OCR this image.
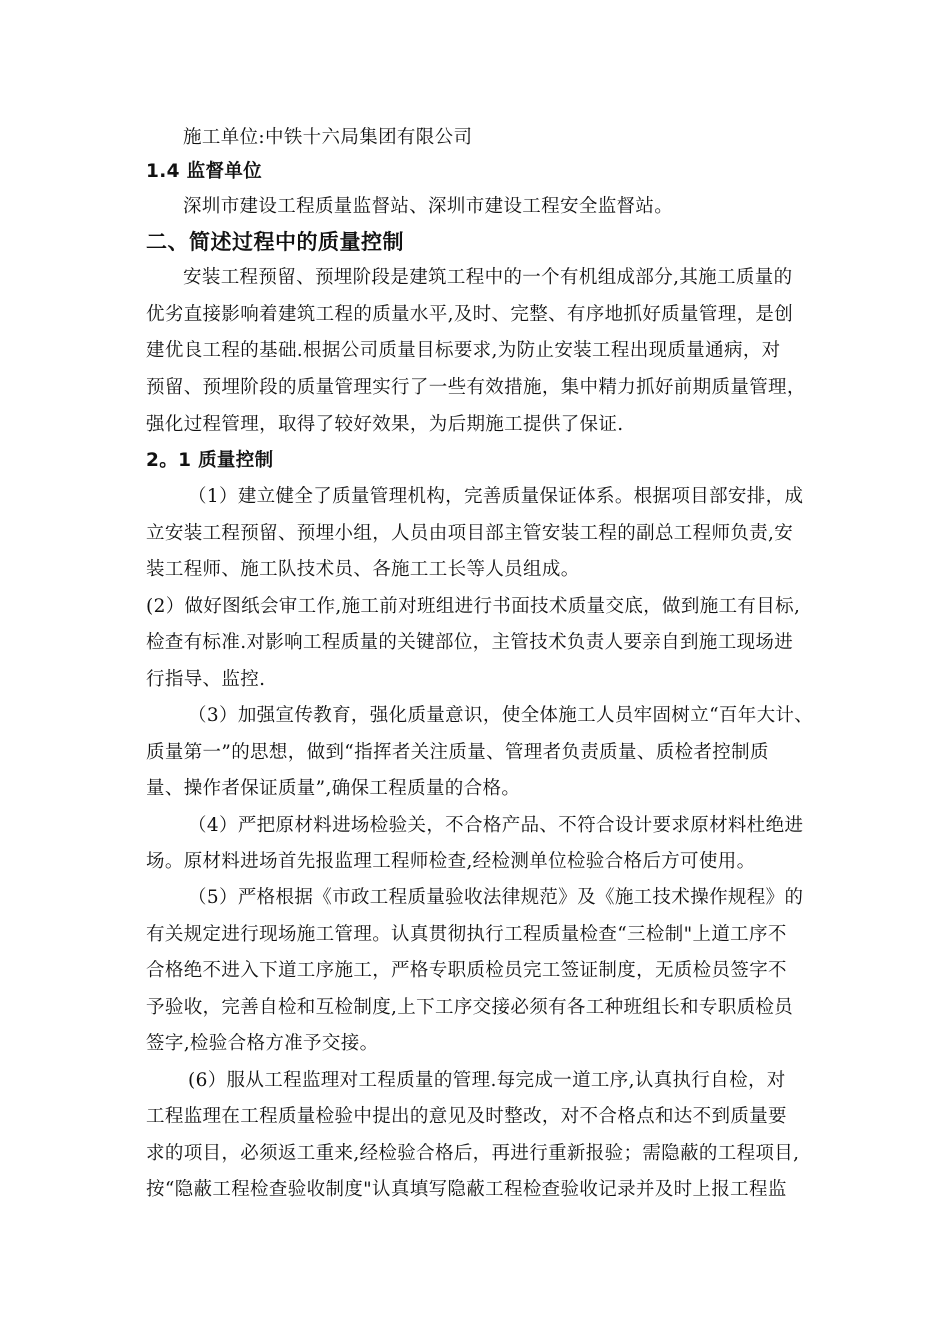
施工单位:中铁十六局集团有限公司
1.4 监督单位
深圳市建设工程质量监督站、深圳市建设工程安全监督站。
二、简述过程中的质量控制
安装工程预留、预埋阶段是建筑工程中的一个有机组成部分,其施工质量的
优劣直接影响着建筑工程的质量水平,及时、完整、有序地抓好质量管理，是创
建优良工程的基础.根据公司质量目标要求,为防止安装工程出现质量通病，对
预留、预埋阶段的质量管理实行了一些有效措施，集中精力抓好前期质量管理，
强化过程管理，取得了较好效果，为后期施工提供了保证.
2。1 质量控制
（1）建立健全了质量管理机构，完善质量保证体系。根据项目部安排，成
立安装工程预留、预埋小组，人员由项目部主管安装工程的副总工程师负责,安
装工程师、施工队技术员、各施工工长等人员组成。
(2）做好图纸会审工作,施工前对班组进行书面技术质量交底，做到施工有目标,
检查有标准.对影响工程质量的关键部位，主管技术负责人要亲自到施工现场进
行指导、监控.
（3）加强宣传教育，强化质量意识，使全体施工人员牢固树立“百年大计、
质量第一”的思想，做到“指挥者关注质量、管理者负责质量、质检者控制质
量、操作者保证质量”,确保工程质量的合格。
（4）严把原材料进场检验关，不合格产品、不符合设计要求原材料杜绝进
场。原材料进场首先报监理工程师检查,经检测单位检验合格后方可使用。
（5）严格根据《市政工程质量验收法律规范》及《施工技术操作规程》的
有关规定进行现场施工管理。认真贯彻执行工程质量检查“三检制"上道工序不
合格绝不进入下道工序施工，严格专职质检员完工签证制度，无质检员签字不
予验收，完善自检和互检制度,上下工序交接必须有各工种班组长和专职质检员
签字,检验合格方准予交接。
(6）服从工程监理对工程质量的管理.每完成一道工序,认真执行自检，对
工程监理在工程质量检验中提出的意见及时整改，对不合格点和达不到质量要
求的项目，必须返工重来,经检验合格后，再进行重新报验；需隐蔽的工程项目,
按“隐蔽工程检查验收制度"认真填写隐蔽工程检查验收记录并及时上报工程监
